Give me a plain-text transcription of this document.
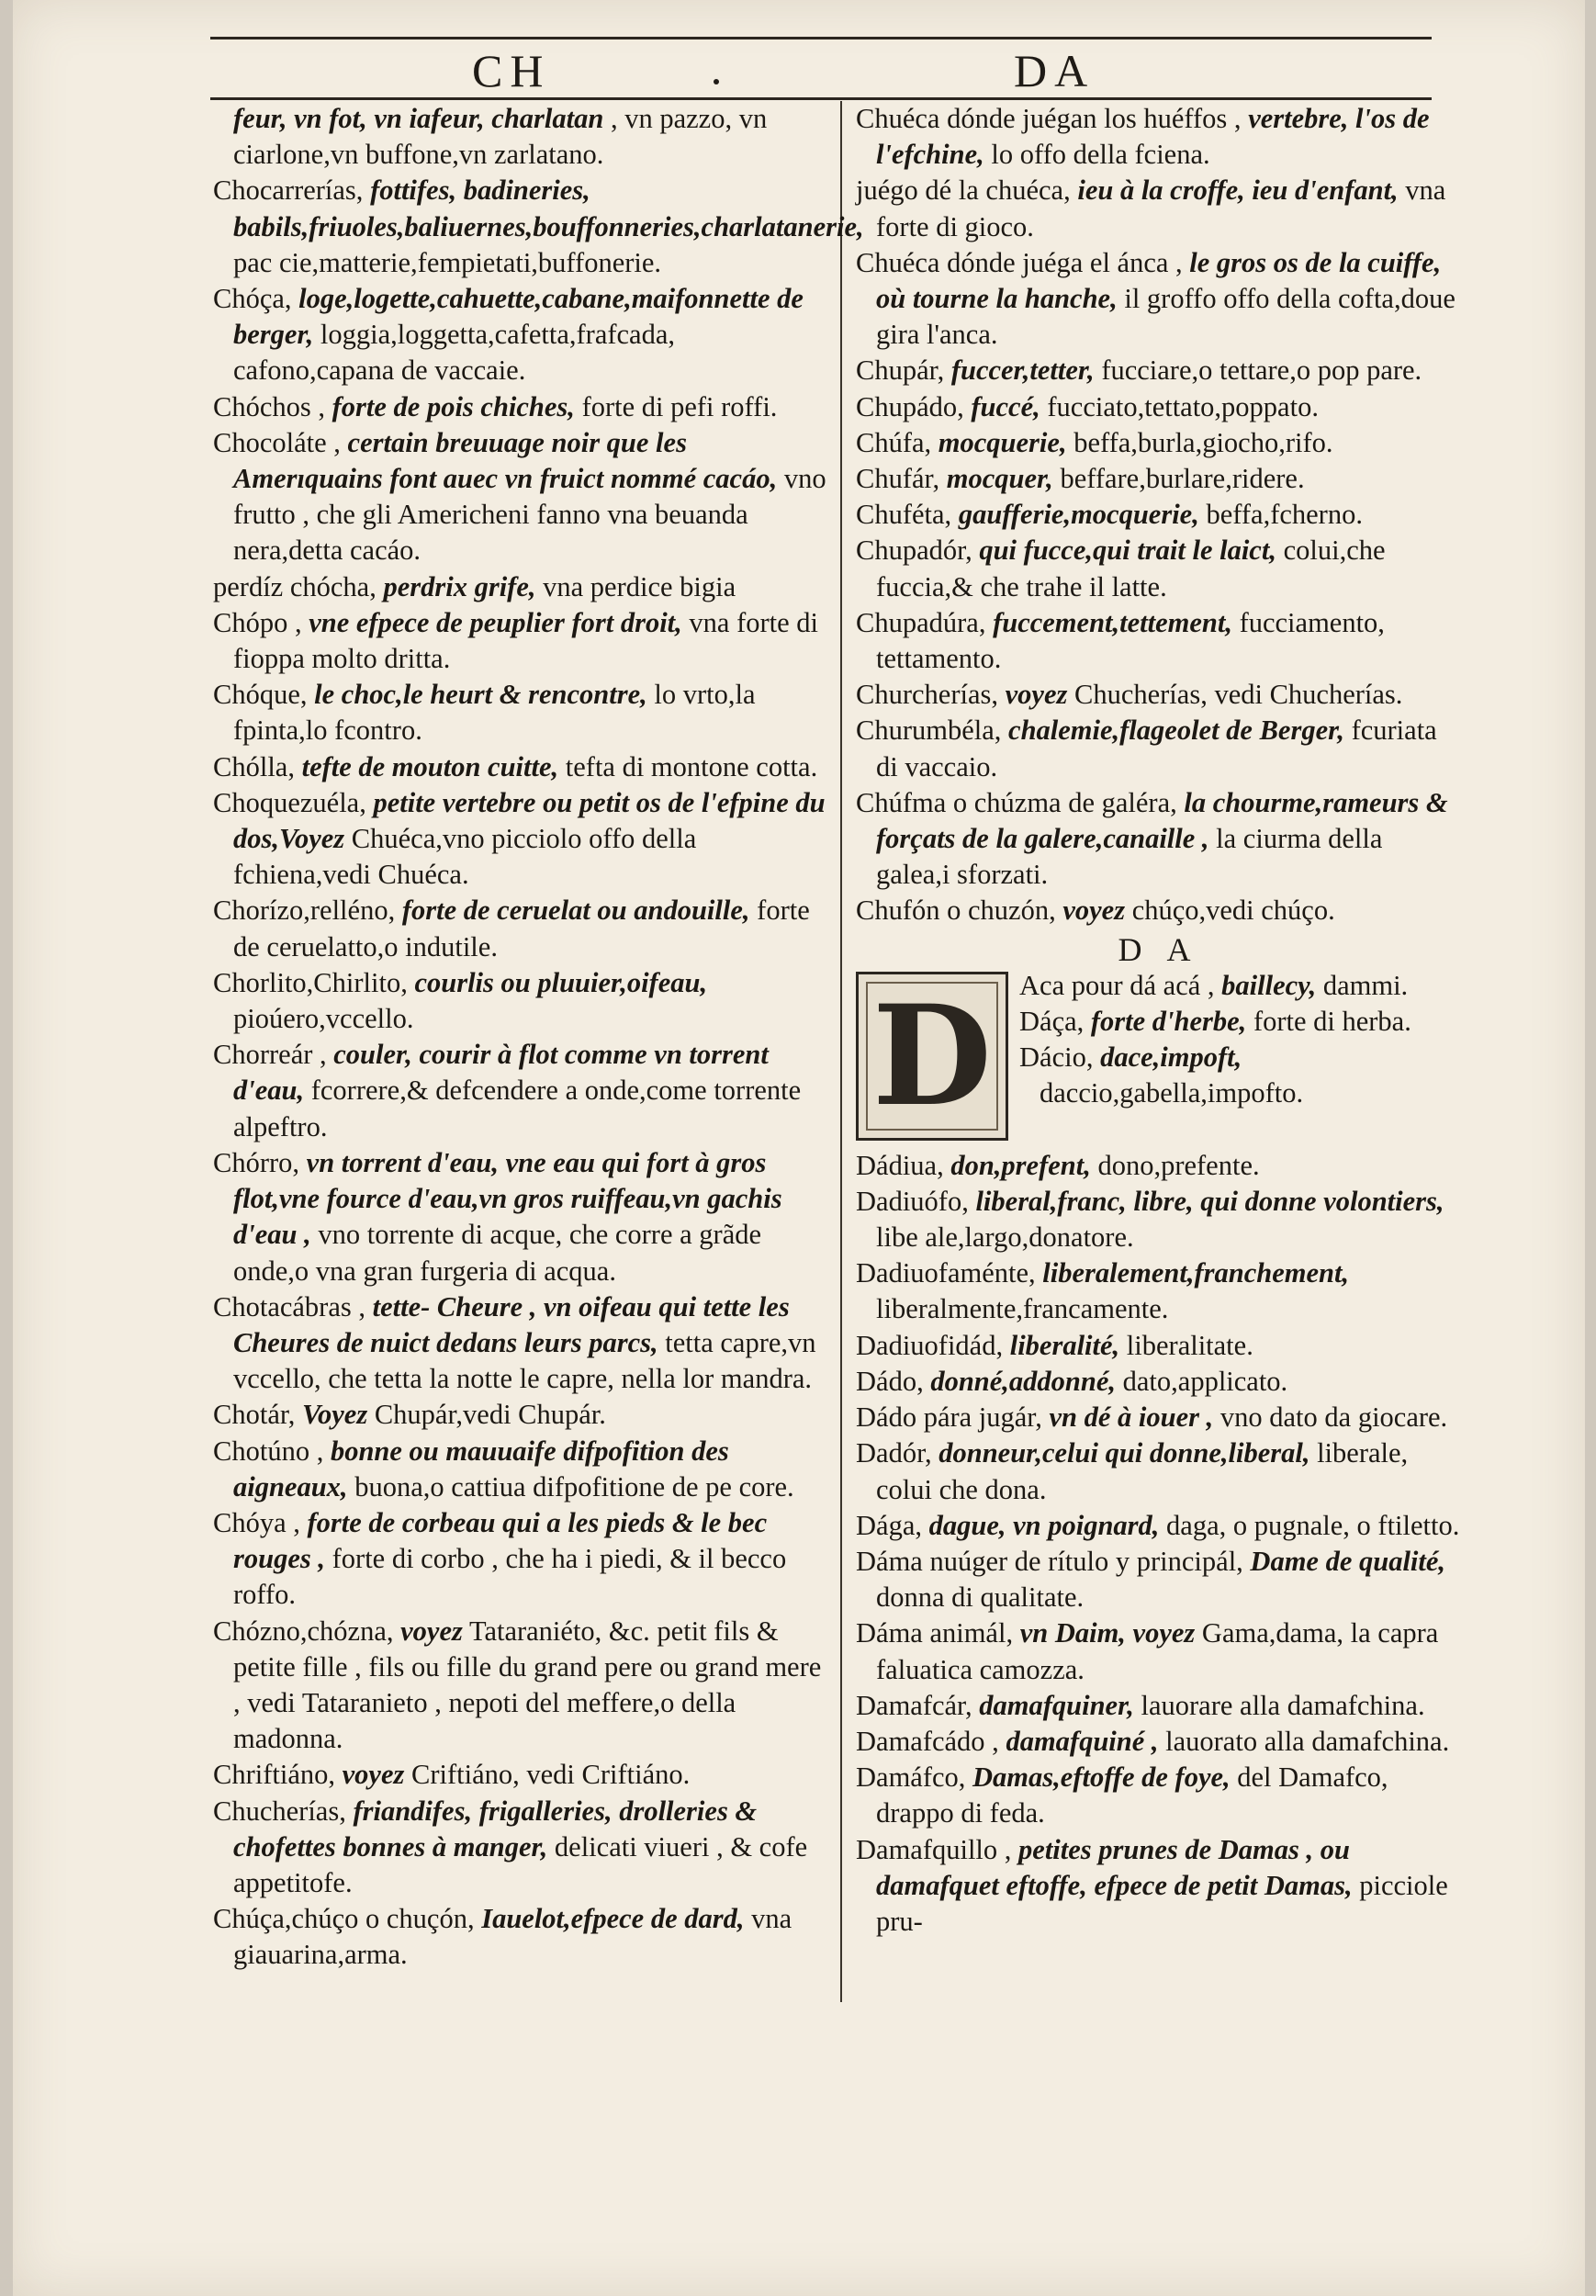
CH	DA

feur, vn fot, vn iafeur, charlatan , vn pazzo, vn ciarlone,vn buffone,vn zarlatano.

Chocarrerías, fottifes, badineries, babils,friuoles,baliuernes,bouffonneries,charlatanerie, pac cie,matterie,fempietati,buffonerie.

Chóça, loge,logette,cahuette,cabane,maifonnette de berger, loggia,loggetta,cafetta,frafcada, cafono,capana de vaccaie.

Chóchos , forte de pois chiches, forte di pefi roffi.

Chocoláte , certain breuuage noir que les Amerıquains font auec vn fruict nommé cacáo, vno frutto , che gli Americheni fanno vna beuanda nera,detta cacáo.

perdíz chócha, perdrix grife, vna perdice bigia

Chópo , vne efpece de peuplier fort droit, vna forte di fioppa molto dritta.

Chóque, le choc,le heurt & rencontre, lo vrto,la fpinta,lo fcontro.

Chólla, tefte de mouton cuitte, tefta di montone cotta.

Choquezuéla, petite vertebre ou petit os de l'efpine du dos,Voyez Chuéca,vno picciolo offo della fchiena,vedi Chuéca.

Chorízo,relléno, forte de ceruelat ou andouille, forte de ceruelatto,o indutile.

Chorlito,Chirlito, courlis ou pluuier,oifeau, pioúero,vccello.

Chorreár , couler, courir à flot comme vn torrent d'eau, fcorrere,& defcendere a onde,come torrente alpeftro.

Chórro, vn torrent d'eau, vne eau qui fort à gros flot,vne fource d'eau,vn gros ruiffeau,vn gachis d'eau , vno torrente di acque, che corre a grãde onde,o vna gran furgeria di acqua.

Chotacábras , tette- Cheure , vn oifeau qui tette les Cheures de nuict dedans leurs parcs, tetta capre,vn vccello, che tetta la notte le capre, nella lor mandra.

Chotár, Voyez Chupár,vedi Chupár.

Chotúno , bonne ou mauuaife difpofition des aigneaux, buona,o cattiua difpofitione de pe core.

Chóya , forte de corbeau qui a les pieds & le bec rouges , forte di corbo , che ha i piedi, & il becco roffo.

Chózno,chózna, voyez Tataraniéto, &c. petit fils & petite fille , fils ou fille du grand pere ou grand mere , vedi Tataranieto , nepoti del meffere,o della madonna.

Chriftiáno, voyez Criftiáno, vedi Criftiáno.

Chucherías, friandifes, frigalleries, drolleries & chofettes bonnes à manger, delicati viueri , & cofe appetitofe.

Chúça,chúço o chuçón, Iauelot,efpece de dard, vna giauarina,arma.

Chuéca dónde juégan los huéffos , vertebre, l'os de l'efchine, lo offo della fciena.

juégo dé la chuéca, ieu à la croffe, ieu d'enfant, vna forte di gioco.

Chuéca dónde juéga el ánca , le gros os de la cuiffe, où tourne la hanche, il groffo offo della cofta,doue gira l'anca.

Chupár, fuccer,tetter, fucciare,o tettare,o pop pare.

Chupádo, fuccé, fucciato,tettato,poppato.

Chúfa, mocquerie, beffa,burla,giocho,rifo.

Chufár, mocquer, beffare,burlare,ridere.

Chuféta, gaufferie,mocquerie, beffa,fcherno.

Chupadór, qui fucce,qui trait le laict, colui,che fuccia,& che trahe il latte.

Chupadúra, fuccement,tettement, fucciamento, tettamento.

Churcherías, voyez Chucherías, vedi Chucherías.

Churumbéla, chalemie,flageolet de Berger, fcuriata di vaccaio.

Chúfma o chúzma de galéra, la chourme,rameurs & forçats de la galere,canaille , la ciurma della galea,i sforzati.

Chufón o chuzón, voyez chúço,vedi chúço.

D A
D Aca pour dá acá , baillecy, dammi.

Dáça, forte d'herbe, forte di herba.

Dácio, dace,impoft, daccio,gabella,impofto.

Dádiua, don,prefent, dono,prefente.

Dadiuófo, liberal,franc, libre, qui donne volontiers, libe ale,largo,donatore.

Dadiuofaménte, liberalement,franchement, liberalmente,francamente.

Dadiuofidád, liberalité, liberalitate.

Dádo, donné,addonné, dato,applicato.

Dádo pára jugár, vn dé à iouer , vno dato da giocare.

Dadór, donneur,celui qui donne,liberal, liberale, colui che dona.

Dága, dague, vn poignard, daga, o pugnale, o ftiletto.

Dáma nuúger de rítulo y principál, Dame de qualité, donna di qualitate.

Dáma animál, vn Daim, voyez Gama,dama, la capra faluatica camozza.

Damafcár, damafquiner, lauorare alla damafchina.

Damafcádo , damafquiné , lauorato alla damafchina.

Damáfco, Damas,eftoffe de foye, del Damafco, drappo di feda.

Damafquillo , petites prunes de Damas , ou damafquet eftoffe, efpece de petit Damas, picciole pru-
